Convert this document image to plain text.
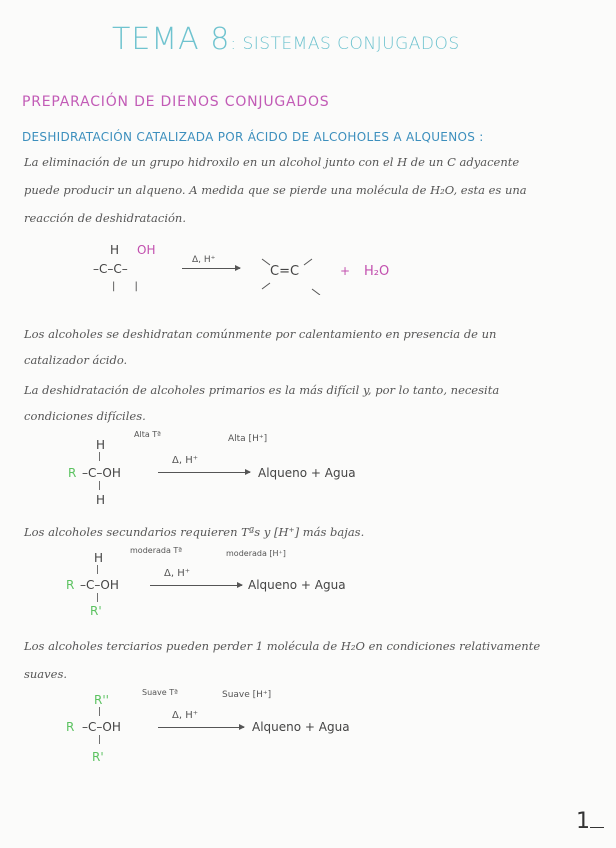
TEMA 8: SISTEMAS CONJUGADOS
PREPARACIÓN DE DIENOS CONJUGADOS
DESHIDRATACIÓN CATALIZADA POR ÁCIDO DE ALCOHOLES A ALQUENOS :
La eliminación de un grupo hidroxilo en un alcohol junto con el H de un C adyacente
puede producir un alqueno. A medida que se pierde una molécula de H₂O, esta es una
reacción de deshidratación.
H OH
–C–C–
|      |
Δ, H⁺
C=C	+ H₂O
Los alcoholes se deshidratan comúnmente por calentamiento en presencia de un
catalizador ácido.
La deshidratación de alcoholes primarios es la más difícil y, por lo tanto, necesita
condiciones difíciles.
H
|
R –C–OH
|
H
Alta Tª	Alta [H⁺]
Δ, H⁺
Alqueno + Agua
Los alcoholes secundarios requieren Tªs y [H⁺] más bajas.
H
|
R –C–OH
|
R'
moderada Tª	moderada [H⁺]
Δ, H⁺
Alqueno + Agua
Los alcoholes terciarios pueden perder 1 molécula de H₂O en condiciones relativamente
suaves.
R''
|
R –C–OH
|
R'
Suave Tª	Suave [H⁺]
Δ, H⁺
Alqueno + Agua
1
